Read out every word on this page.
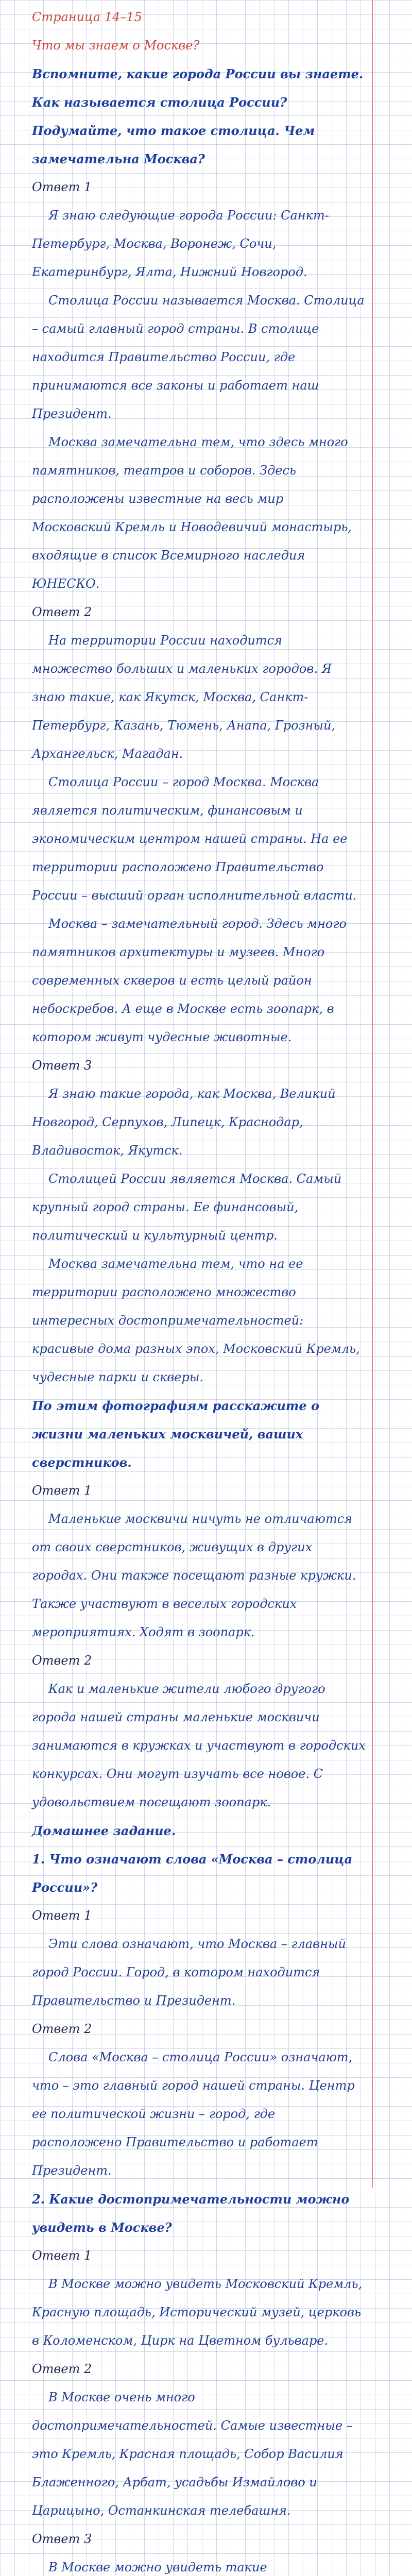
Страница 14–15

Что мы знаем о Москве?

Вспомните, какие города России вы знаете. Как называется столица России? Подумайте, что такое столица. Чем замечательна Москва?

Ответ 1

Я знаю следующие города России: Санкт-Петербург, Москва, Воронеж, Сочи, Екатеринбург, Ялта, Нижний Новгород.

Столица России называется Москва. Столица – самый главный город страны. В столице находится Правительство России, где принимаются все законы и работает наш Президент.

Москва замечательна тем, что здесь много памятников, театров и соборов. Здесь расположены известные на весь мир Московский Кремль и Новодевичий монастырь, входящие в список Всемирного наследия ЮНЕСКО.

Ответ 2

На территории России находится множество больших и маленьких городов. Я знаю такие, как Якутск, Москва, Санкт-Петербург, Казань, Тюмень, Анапа, Грозный, Архангельск, Магадан.

Столица России – город Москва. Москва является политическим, финансовым и экономическим центром нашей страны. На ее территории расположено Правительство России – высший орган исполнительной власти.

Москва – замечательный город. Здесь много памятников архитектуры и музеев. Много современных скверов и есть целый район небоскребов. А еще в Москве есть зоопарк, в котором живут чудесные животные.

Ответ 3

Я знаю такие города, как Москва, Великий Новгород, Серпухов, Липецк, Краснодар, Владивосток, Якутск.

Столицей России является Москва. Самый крупный город страны. Ее финансовый, политический и культурный центр.

Москва замечательна тем, что на ее территории расположено множество интересных достопримечательностей: красивые дома разных эпох, Московский Кремль, чудесные парки и скверы.

По этим фотографиям расскажите о жизни маленьких москвичей, ваших сверстников.

Ответ 1

Маленькие москвичи ничуть не отличаются от своих сверстников, живущих в других городах. Они также посещают разные кружки. Также участвуют в веселых городских мероприятиях. Ходят в зоопарк.

Ответ 2

Как и маленькие жители любого другого города нашей страны маленькие москвичи занимаются в кружках и участвуют в городских конкурсах. Они могут изучать все новое. С удовольствием посещают зоопарк.

Домашнее задание.

1. Что означают слова «Москва – столица России»?

Ответ 1

Эти слова означают, что Москва – главный город России. Город, в котором находится Правительство и Президент.

Ответ 2

Слова «Москва – столица России» означают, что – это главный город нашей страны. Центр ее политической жизни – город, где расположено Правительство и работает Президент.

2. Какие достопримечательности можно увидеть в Москве?

Ответ 1

В Москве можно увидеть Московский Кремль, Красную площадь, Исторический музей, церковь в Коломенском, Цирк на Цветном бульваре.

Ответ 2

В Москве очень много достопримечательностей. Самые известные – это Кремль, Красная площадь, Собор Василия Блаженного, Арбат, усадьбы Измайлово и Царицыно, Останкинская телебашня.

Ответ 3

В Москве можно увидеть такие
